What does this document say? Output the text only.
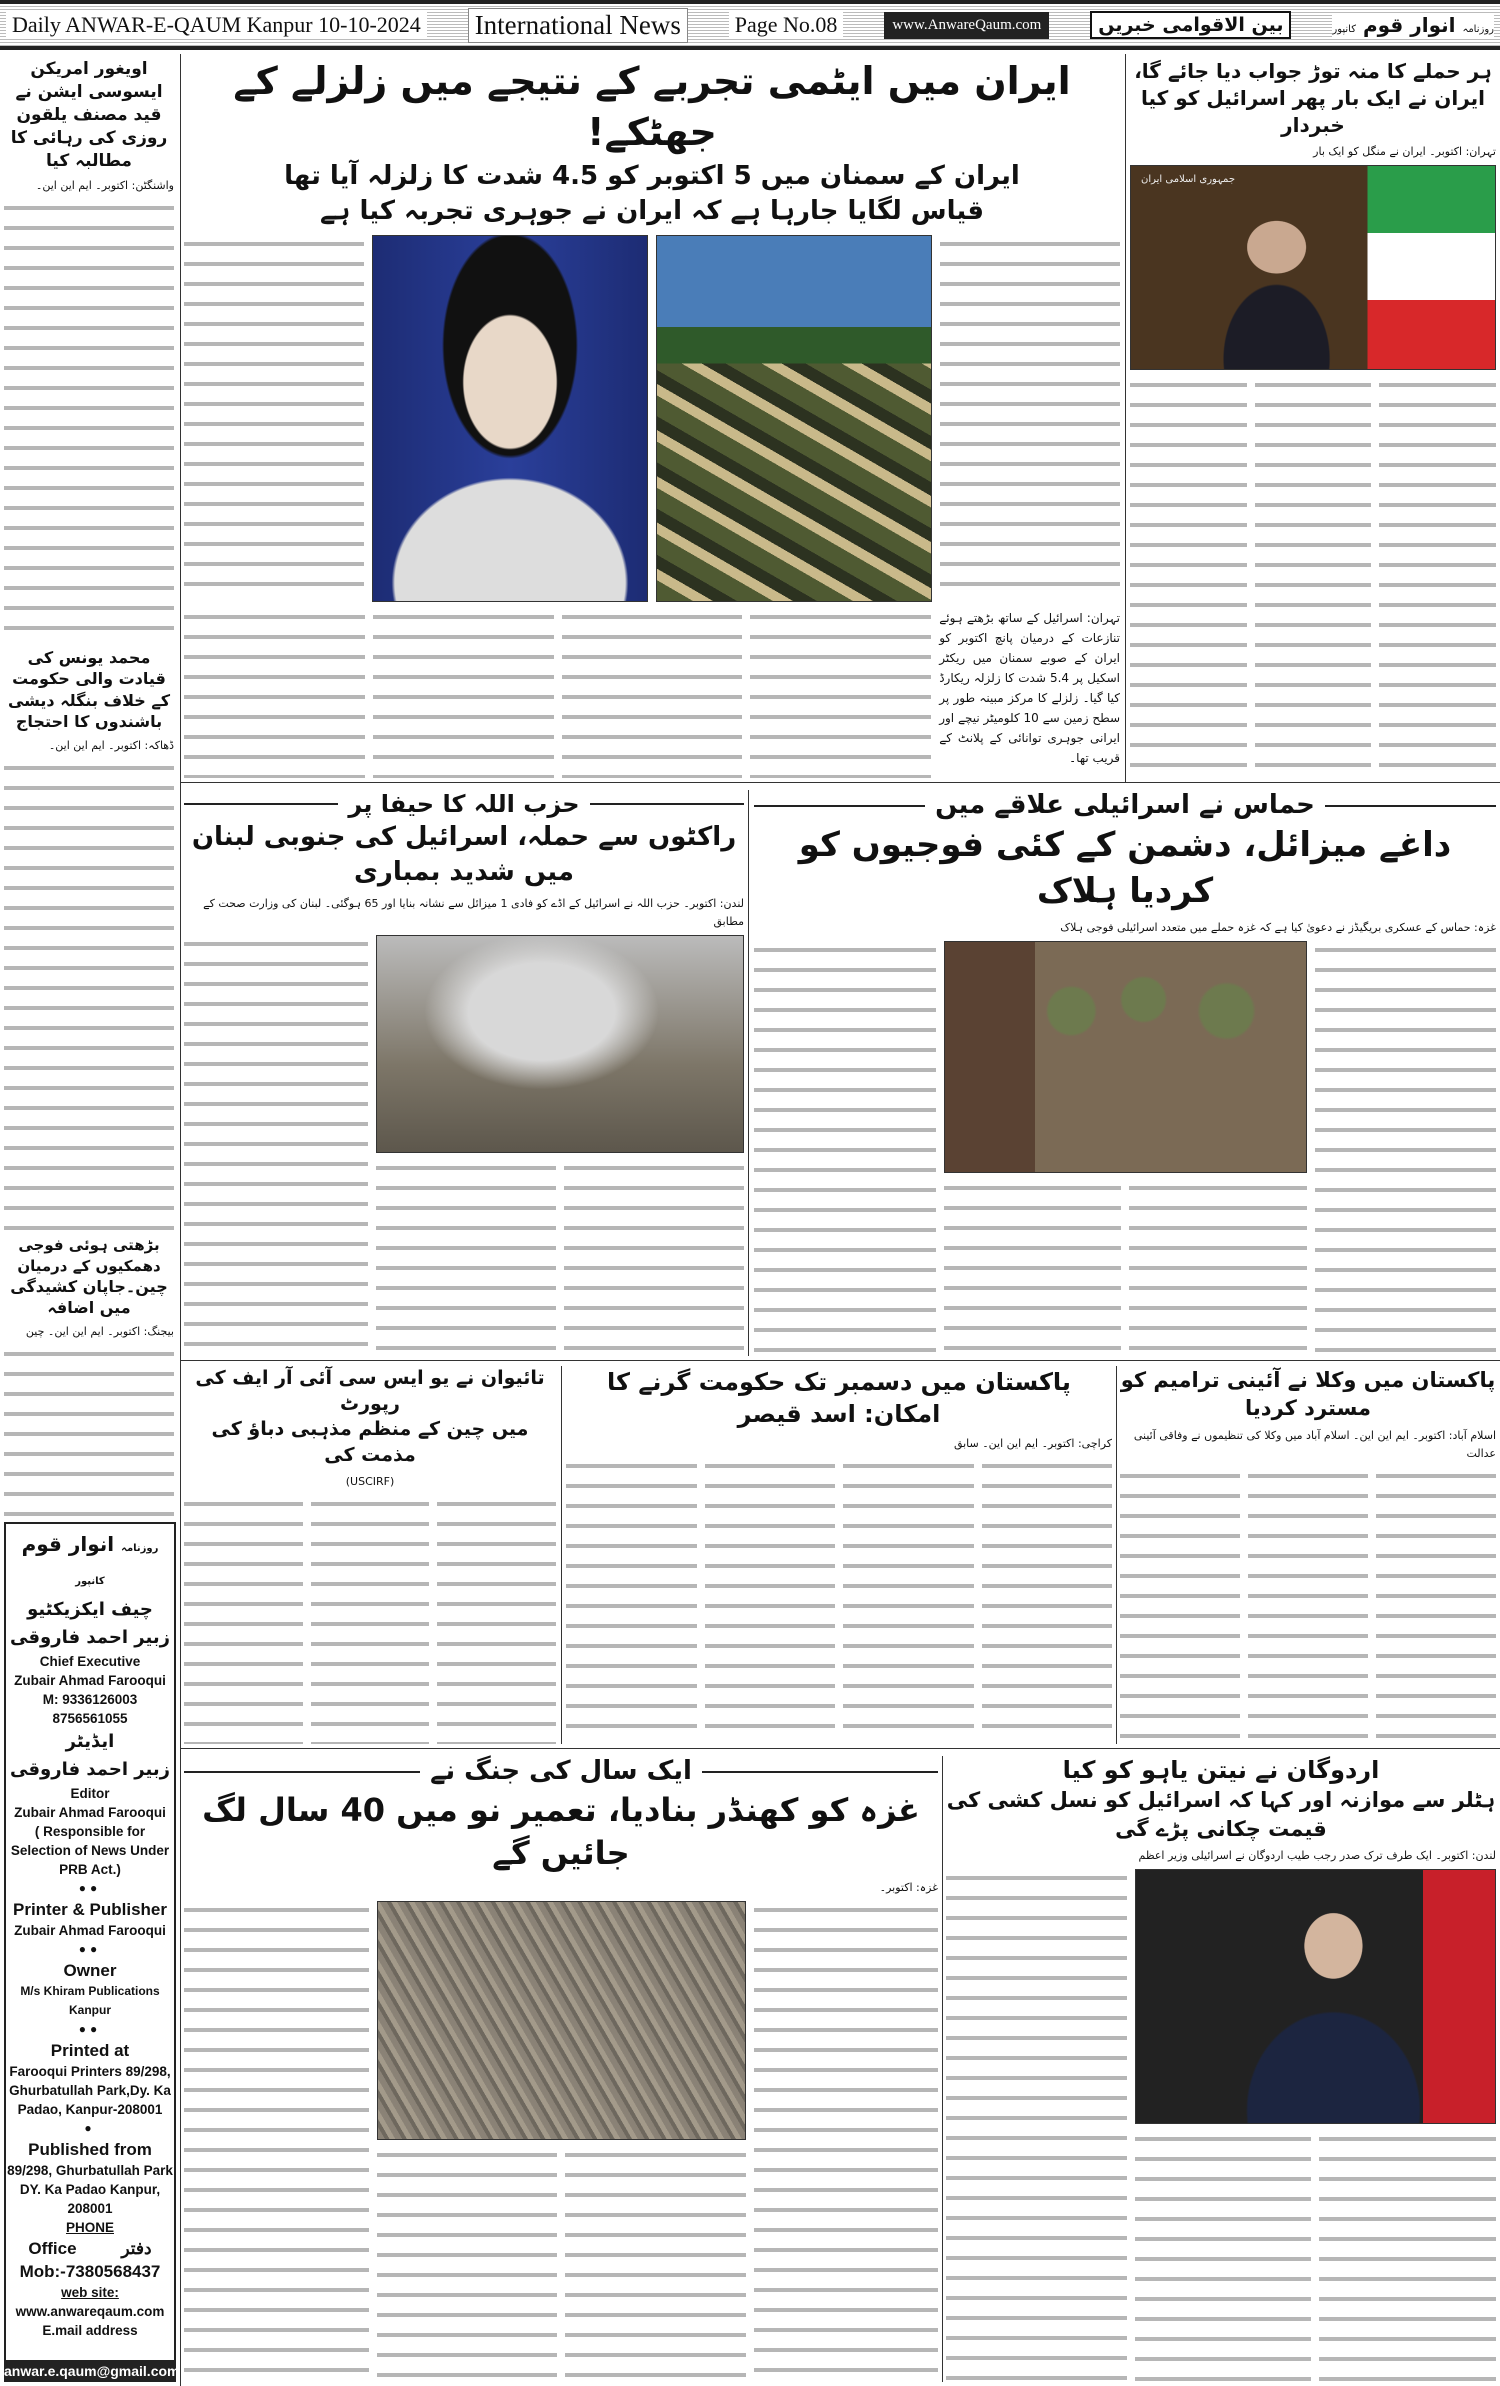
Daily ANWAR-E-QAUM Kanpur 10-10-2024 International News	Page No.08	www.AnwareQaum.com	بین الاقوامی خبریں	روزنامہ انوار قوم کانپور
اویغور امریکن ایسوسی ایشن نے قید مصنف یلقون روزی کی رہائی کا مطالبہ کیا
واشنگٹن: اکتوبر۔ ایم این این۔
محمد یونس کی قیادت والی حکومت کے خلاف بنگلہ دیشی باشندوں کا احتجاج
ڈھاکہ: اکتوبر۔ ایم این این۔
بڑھتی ہوئی فوجی دھمکیوں کے درمیان
چین۔جاپان کشیدگی میں اضافہ
بیجنگ: اکتوبر۔ ایم این این۔ چین
روزنامہ انوار قوم کانپور
چیف ایکزیکٹیو
زبیر احمد فاروقی
Chief Executive
Zubair Ahmad Farooqui
M: 9336126003
8756561055
ایڈیٹر
زبیر احمد فاروقی
Editor
Zubair Ahmad Farooqui
( Responsible for Selection of News Under PRB Act.)
●●
Printer & Publisher
Zubair Ahmad Farooqui
●●
Owner
M/s Khiram Publications
Kanpur
●●
Printed at
Farooqui Printers 89/298, Ghurbatullah Park,Dy. Ka Padao, Kanpur-208001
●
Published from
89/298, Ghurbatullah Park DY. Ka Padao Kanpur, 208001
PHONE
Office	دفتر
Mob:-7380568437
web site:
www.anwareqaum.com
E.mail address
anwar.e.qaum@gmail.com
ایران میں ایٹمی تجربے کے نتیجے میں زلزلے کے جھٹکے!
ایران کے سمنان میں 5 اکتوبر کو 4.5 شدت کا زلزلہ آیا تھا
قیاس لگایا جارہا ہے کہ ایران نے جوہری تجربہ کیا ہے
تہران: اسرائیل کے ساتھ بڑھتے ہوئے تنازعات کے درمیان پانچ اکتوبر کو ایران کے صوبے سمنان میں ریکٹر اسکیل پر 5.4 شدت کا زلزلہ ریکارڈ کیا گیا۔ زلزلے کا مرکز مبینہ طور پر سطح زمین سے 10 کلومیٹر نیچے اور ایرانی جوہری توانائی کے پلانٹ کے قریب تھا۔
ہر حملے کا منہ توڑ جواب دیا جائے گا،
ایران نے ایک بار پھر اسرائیل کو کیا خبردار
تہران: اکتوبر۔ ایران نے منگل کو ایک بار
جمہوری اسلامی ایران
حزب اللہ کا حیفا پر
راکٹوں سے حملہ، اسرائیل کی جنوبی لبنان میں شدید بمباری
لندن: اکتوبر۔ حزب اللہ نے اسرائیل کے اڈے کو فادی 1 میزائل سے نشانہ بنایا اور 65 ہوگئی۔ لبنان کی وزارت صحت کے مطابق
حماس نے اسرائیلی علاقے میں
داغے میزائل، دشمن کے کئی فوجیوں کو کردیا ہلاک
غزہ: حماس کے عسکری بریگیڈز نے دعویٰ کیا ہے کہ غزہ حملے میں متعدد اسرائیلی فوجی ہلاک
تائیوان نے یو ایس سی آئی آر ایف کی رپورٹ
میں چین کے منظم مذہبی دباؤ کی مذمت کی
(USCIRF)
پاکستان میں دسمبر تک حکومت گرنے کا امکان: اسد قیصر
کراچی: اکتوبر۔ ایم این این۔ سابق
پاکستان میں وکلا نے آئینی ترامیم کو مسترد کردیا
اسلام آباد: اکتوبر۔ ایم این این۔ اسلام آباد میں وکلا کی تنظیموں نے وفاقی آئینی عدالت
ایک سال کی جنگ نے
غزہ کو کھنڈر بنادیا، تعمیر نو میں 40 سال لگ جائیں گے
غزہ: اکتوبر۔
اردوگان نے نیتن یاہو کو کیا
ہٹلر سے موازنہ اور کہا کہ اسرائیل کو نسل کشی کی قیمت چکانی پڑے گی
لندن: اکتوبر۔ ایک طرف ترک صدر رجب طیب اردوگان نے اسرائیلی وزیر اعظم
